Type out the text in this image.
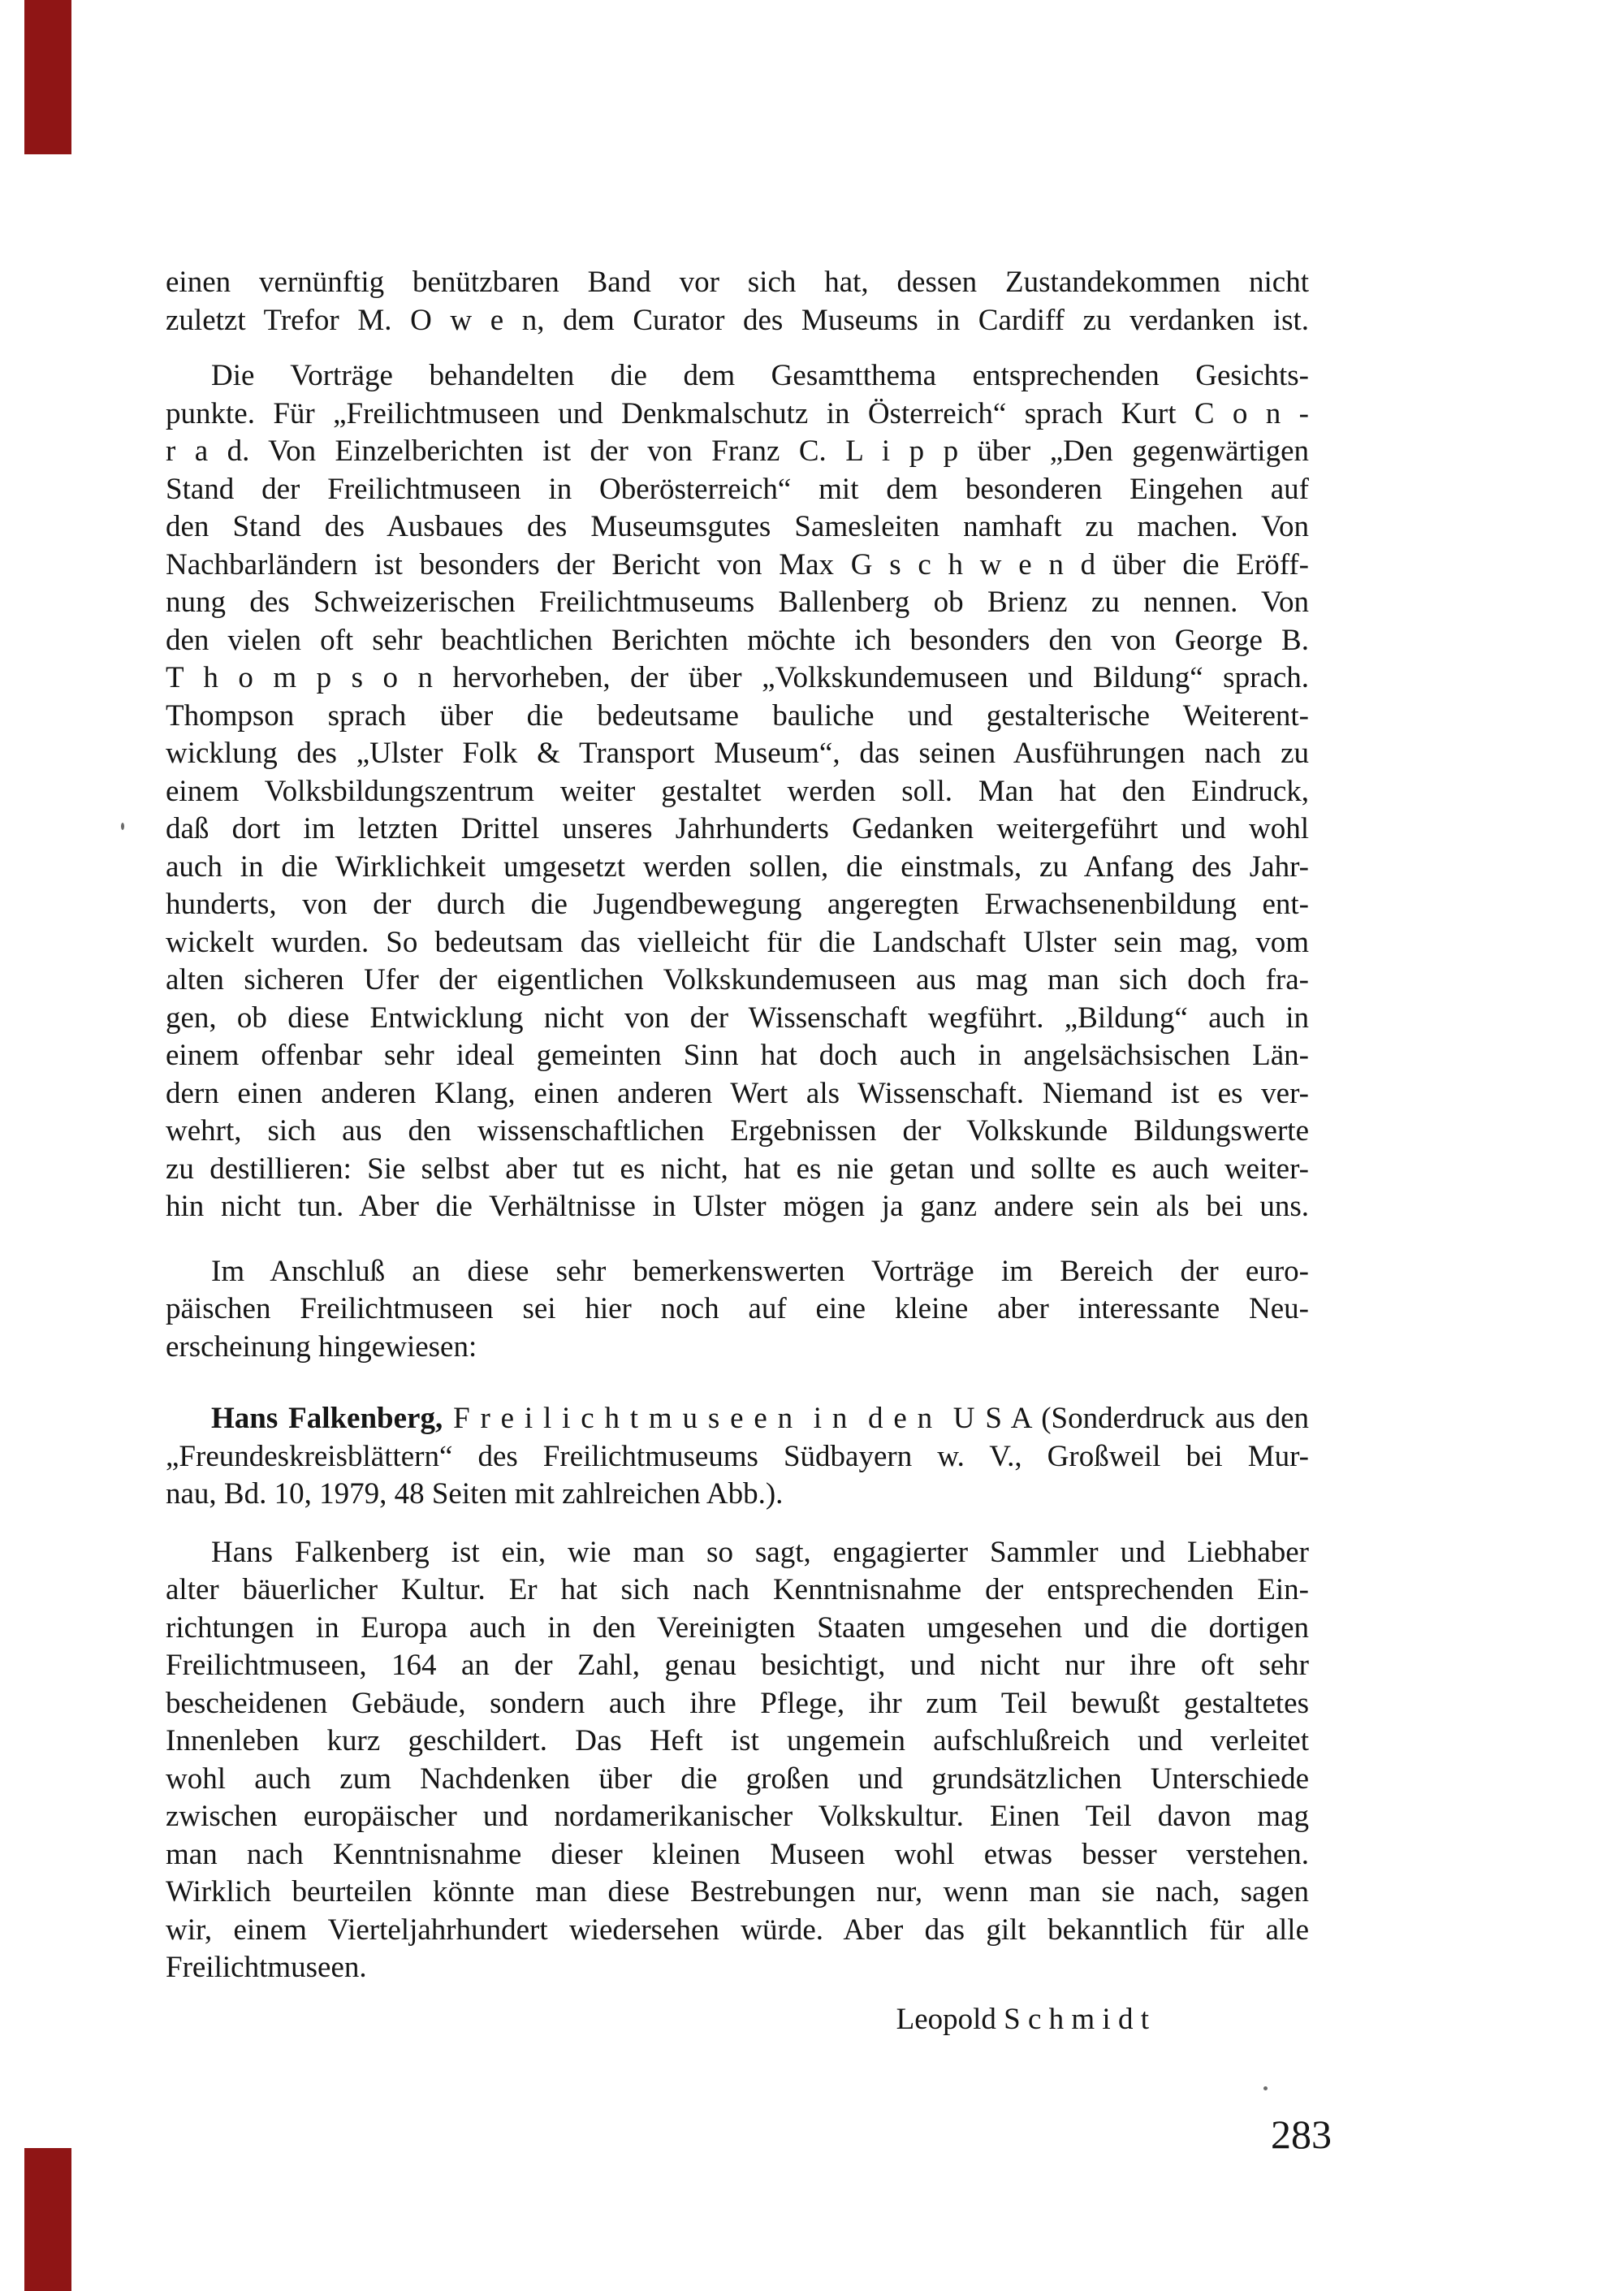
einen vernünftig benützbaren Band vor sich hat, dessen Zustandekommen nicht
zuletzt Trefor M. O w e n, dem Curator des Museums in Cardiff zu verdanken ist.
Die Vorträge behandelten die dem Gesamtthema entsprechenden Gesichts-
punkte. Für „Freilichtmuseen und Denkmalschutz in Österreich“ sprach Kurt C o n -
r a d. Von Einzelberichten ist der von Franz C. L i p p über „Den gegenwärtigen
Stand der Freilichtmuseen in Oberösterreich“ mit dem besonderen Eingehen auf
den Stand des Ausbaues des Museumsgutes Samesleiten namhaft zu machen. Von
Nachbarländern ist besonders der Bericht von Max G s c h w e n d über die Eröff-
nung des Schweizerischen Freilichtmuseums Ballenberg ob Brienz zu nennen. Von
den vielen oft sehr beachtlichen Berichten möchte ich besonders den von George B.
T h o m p s o n hervorheben, der über „Volkskundemuseen und Bildung“ sprach.
Thompson sprach über die bedeutsame bauliche und gestalterische Weiterent-
wicklung des „Ulster Folk & Transport Museum“, das seinen Ausführungen nach zu
einem Volksbildungszentrum weiter gestaltet werden soll. Man hat den Eindruck,
daß dort im letzten Drittel unseres Jahrhunderts Gedanken weitergeführt und wohl
auch in die Wirklichkeit umgesetzt werden sollen, die einstmals, zu Anfang des Jahr-
hunderts, von der durch die Jugendbewegung angeregten Erwachsenenbildung ent-
wickelt wurden. So bedeutsam das vielleicht für die Landschaft Ulster sein mag, vom
alten sicheren Ufer der eigentlichen Volkskundemuseen aus mag man sich doch fra-
gen, ob diese Entwicklung nicht von der Wissenschaft wegführt. „Bildung“ auch in
einem offenbar sehr ideal gemeinten Sinn hat doch auch in angelsächsischen Län-
dern einen anderen Klang, einen anderen Wert als Wissenschaft. Niemand ist es ver-
wehrt, sich aus den wissenschaftlichen Ergebnissen der Volkskunde Bildungswerte
zu destillieren: Sie selbst aber tut es nicht, hat es nie getan und sollte es auch weiter-
hin nicht tun. Aber die Verhältnisse in Ulster mögen ja ganz andere sein als bei uns.
Im Anschluß an diese sehr bemerkenswerten Vorträge im Bereich der euro-
päischen Freilichtmuseen sei hier noch auf eine kleine aber interessante Neu-
erscheinung hingewiesen:
Hans Falkenberg, F r e i l i c h t m u s e e n  i n  d e n  U S A (Sonderdruck aus den
„Freundeskreisblättern“ des Freilichtmuseums Südbayern w. V., Großweil bei Mur-
nau, Bd. 10, 1979, 48 Seiten mit zahlreichen Abb.).
Hans Falkenberg ist ein, wie man so sagt, engagierter Sammler und Liebhaber
alter bäuerlicher Kultur. Er hat sich nach Kenntnisnahme der entsprechenden Ein-
richtungen in Europa auch in den Vereinigten Staaten umgesehen und die dortigen
Freilichtmuseen, 164 an der Zahl, genau besichtigt, und nicht nur ihre oft sehr
bescheidenen Gebäude, sondern auch ihre Pflege, ihr zum Teil bewußt gestaltetes
Innenleben kurz geschildert. Das Heft ist ungemein aufschlußreich und verleitet
wohl auch zum Nachdenken über die großen und grundsätzlichen Unterschiede
zwischen europäischer und nordamerikanischer Volkskultur. Einen Teil davon mag
man nach Kenntnisnahme dieser kleinen Museen wohl etwas besser verstehen.
Wirklich beurteilen könnte man diese Bestrebungen nur, wenn man sie nach, sagen
wir, einem Vierteljahrhundert wiedersehen würde. Aber das gilt bekanntlich für alle
Freilichtmuseen.
Leopold S c h m i d t
283
